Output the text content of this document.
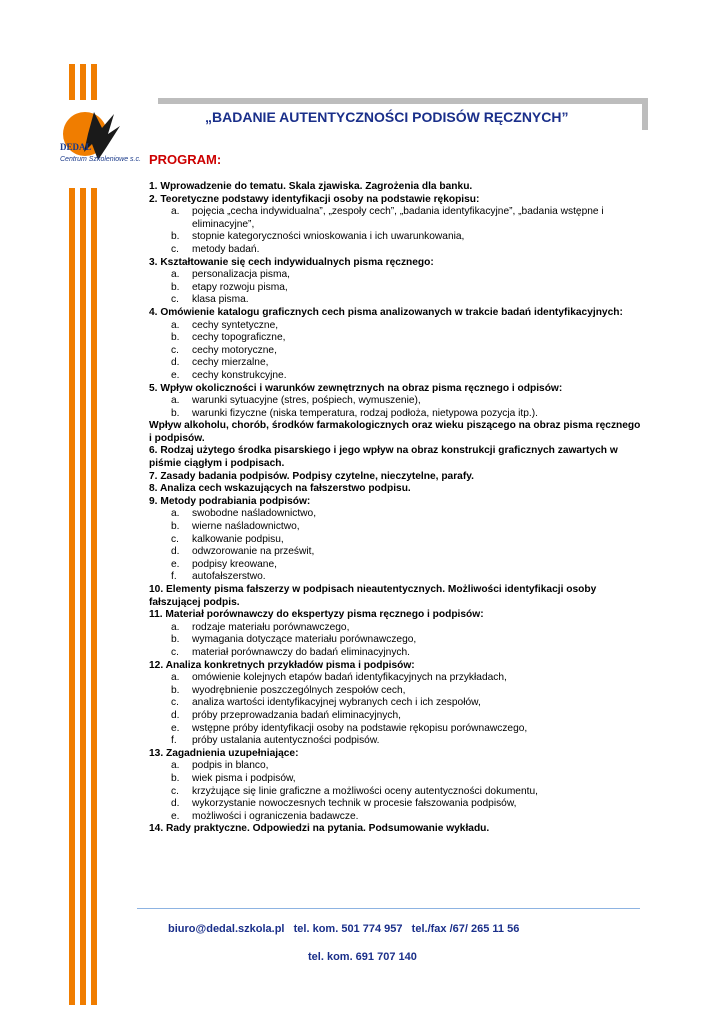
DEDAL
Centrum Szkoleniowe s.c.
„BADANIE AUTENTYCZNOŚCI PODISÓW RĘCZNYCH”
PROGRAM:
1. Wprowadzenie do tematu. Skala zjawiska. Zagrożenia dla banku.
2. Teoretyczne podstawy identyfikacji osoby na podstawie rękopisu:
a. pojęcia „cecha indywidualna”, „zespoły cech”, „badania identyfikacyjne”, „badania wstępne i eliminacyjne”,
b. stopnie kategoryczności wnioskowania i ich uwarunkowania,
c. metody badań.
3. Kształtowanie się cech indywidualnych pisma ręcznego:
a. personalizacja pisma,
b. etapy rozwoju pisma,
c. klasa pisma.
4. Omówienie katalogu graficznych cech pisma analizowanych w trakcie badań identyfikacyjnych:
a. cechy syntetyczne,
b. cechy topograficzne,
c. cechy motoryczne,
d. cechy mierzalne,
e. cechy konstrukcyjne.
5. Wpływ okoliczności i warunków zewnętrznych na obraz pisma ręcznego i odpisów:
a. warunki sytuacyjne (stres, pośpiech, wymuszenie),
b. warunki fizyczne (niska temperatura, rodzaj podłoża, nietypowa pozycja itp.).
Wpływ alkoholu, chorób, środków farmakologicznych oraz wieku piszącego na obraz pisma ręcznego i podpisów.
6. Rodzaj użytego środka pisarskiego i jego wpływ na obraz konstrukcji graficznych zawartych w piśmie ciągłym i podpisach.
7. Zasady badania podpisów. Podpisy czytelne, nieczytelne, parafy.
8. Analiza cech wskazujących na fałszerstwo podpisu.
9. Metody podrabiania podpisów:
a. swobodne naśladownictwo,
b. wierne naśladownictwo,
c. kalkowanie podpisu,
d. odwzorowanie na prześwit,
e. podpisy kreowane,
f. autofałszerstwo.
10. Elementy pisma fałszerzy w podpisach nieautentycznych. Możliwości identyfikacji osoby fałszującej podpis.
11. Materiał porównawczy do ekspertyzy pisma ręcznego i podpisów:
a. rodzaje materiału porównawczego,
b. wymagania dotyczące materiału porównawczego,
c. materiał porównawczy do badań eliminacyjnych.
12. Analiza konkretnych przykładów pisma i podpisów:
a. omówienie kolejnych etapów badań identyfikacyjnych na przykładach,
b. wyodrębnienie poszczególnych zespołów cech,
c. analiza wartości identyfikacyjnej wybranych cech i ich zespołów,
d. próby przeprowadzania badań eliminacyjnych,
e. wstępne próby identyfikacji osoby na podstawie rękopisu porównawczego,
f. próby ustalania autentyczności podpisów.
13. Zagadnienia uzupełniające:
a. podpis in blanco,
b. wiek pisma i podpisów,
c. krzyżujące się linie graficzne a możliwości oceny autentyczności dokumentu,
d. wykorzystanie nowoczesnych technik w procesie fałszowania podpisów,
e. możliwości i ograniczenia badawcze.
14. Rady praktyczne. Odpowiedzi na pytania. Podsumowanie wykładu.
biuro@dedal.szkola.pl tel. kom. 501 774 957 tel./fax /67/ 265 11 56
tel. kom. 691 707 140
